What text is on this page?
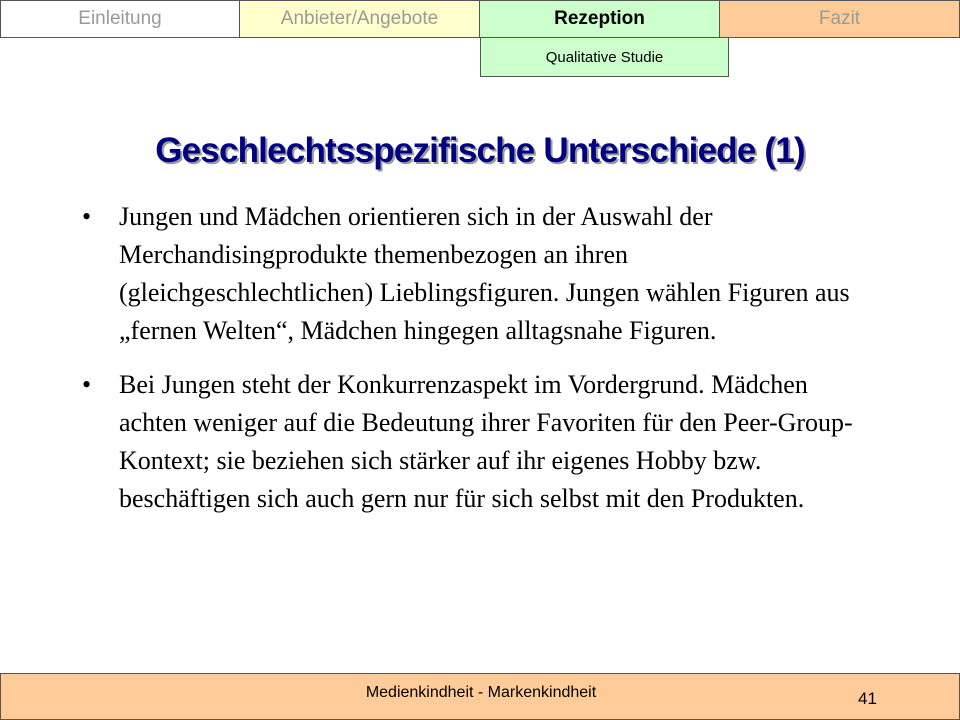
Einleitung	Anbieter/Angebote	Rezeption	Fazit
Qualitative Studie
Geschlechtsspezifische Unterschiede (1)
• Jungen und Mädchen orientieren sich in der Auswahl der Merchandisingprodukte themenbezogen an ihren (gleichgeschlechtlichen) Lieblingsfiguren. Jungen wählen Figuren aus „fernen Welten“, Mädchen hingegen alltagsnahe Figuren.
• Bei Jungen steht der Konkurrenzaspekt im Vordergrund. Mädchen achten weniger auf die Bedeutung ihrer Favoriten für den Peer-Group-Kontext; sie beziehen sich stärker auf ihr eigenes Hobby bzw. beschäftigen sich auch gern nur für sich selbst mit den Produkten.
Medienkindheit - Markenkindheit	41
